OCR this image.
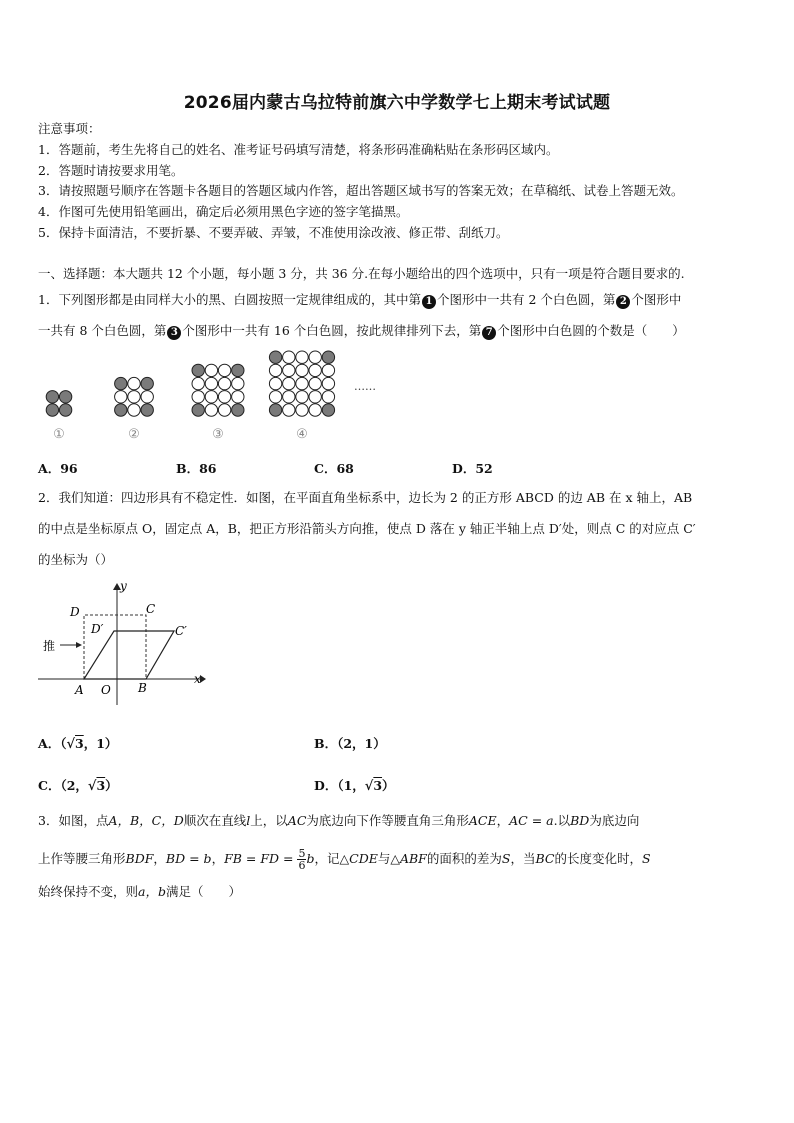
2026届内蒙古乌拉特前旗六中学数学七上期末考试试题
注意事项：
1．答题前，考生先将自己的姓名、准考证号码填写清楚，将条形码准确粘贴在条形码区域内。
2．答题时请按要求用笔。
3．请按照题号顺序在答题卡各题目的答题区域内作答，超出答题区域书写的答案无效；在草稿纸、试卷上答题无效。
4．作图可先使用铅笔画出，确定后必须用黑色字迹的签字笔描黑。
5．保持卡面清洁，不要折暴、不要弄破、弄皱，不准使用涂改液、修正带、刮纸刀。
一、选择题：本大题共 12 个小题，每小题 3 分，共 36 分.在每小题给出的四个选项中，只有一项是符合题目要求的.
1．下列图形都是由同样大小的黑、白圆按照一定规律组成的，其中第 1 个图形中一共有 2 个白色圆，第 2 个图形中
一共有 8 个白色圆，第 3 个图形中一共有 16 个白色圆，按此规律排列下去，第 7 个图形中白色圆的个数是（　　）
①	②	③	④
……
A．96	B．86	C．68	D．52
2．我们知道：四边形具有不稳定性．如图，在平面直角坐标系中，边长为 2 的正方形 ABCD 的边 AB 在 x 轴上，AB
的中点是坐标原点 O，固定点 A，B，把正方形沿箭头方向推，使点 D 落在 y 轴正半轴上点 D′处，则点 C 的对应点 C′
的坐标为（）
推
y
x
D	C
D′	C′
A O B
A．（√3，1）	B．（2，1）
C．（2，√3）	D．（1，√3）
3．如图，点A，B，C，D顺次在直线l上，以AC为底边向下作等腰直角三角形ACE，AC = a.以BD为底边向
上作等腰三角形BDF，BD = b，FB = FD = $\frac{5}{6}$ b，记△CDE与△ABF的面积的差为S，当BC的长度变化时，S
始终保持不变，则a，b满足（　　）
